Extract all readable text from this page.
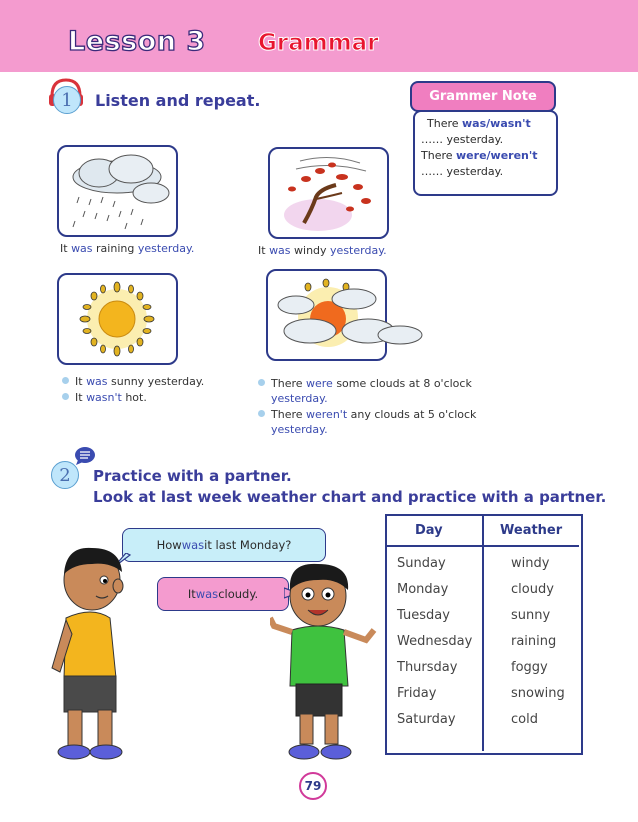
Lesson 3 Grammar
1	Listen and repeat.	Grammer Note
There was/wasn't
…… yesterday.
There were/weren't
…… yesterday.
It was raining yesterday.	It was windy yesterday.
It was sunny yesterday.
It wasn't hot.
There were some clouds at 8 o'clock
yesterday.
There weren't any clouds at 5 o'clock
yesterday.
2	Practice with a partner.
Look at last week weather chart and practice with a partner.
How was it last Monday?
It was cloudy.
Day	Weather
Sunday	windy
Monday	cloudy
Tuesday	sunny
Wednesday	raining
Thursday	foggy
Friday	snowing
Saturday	cold
79
